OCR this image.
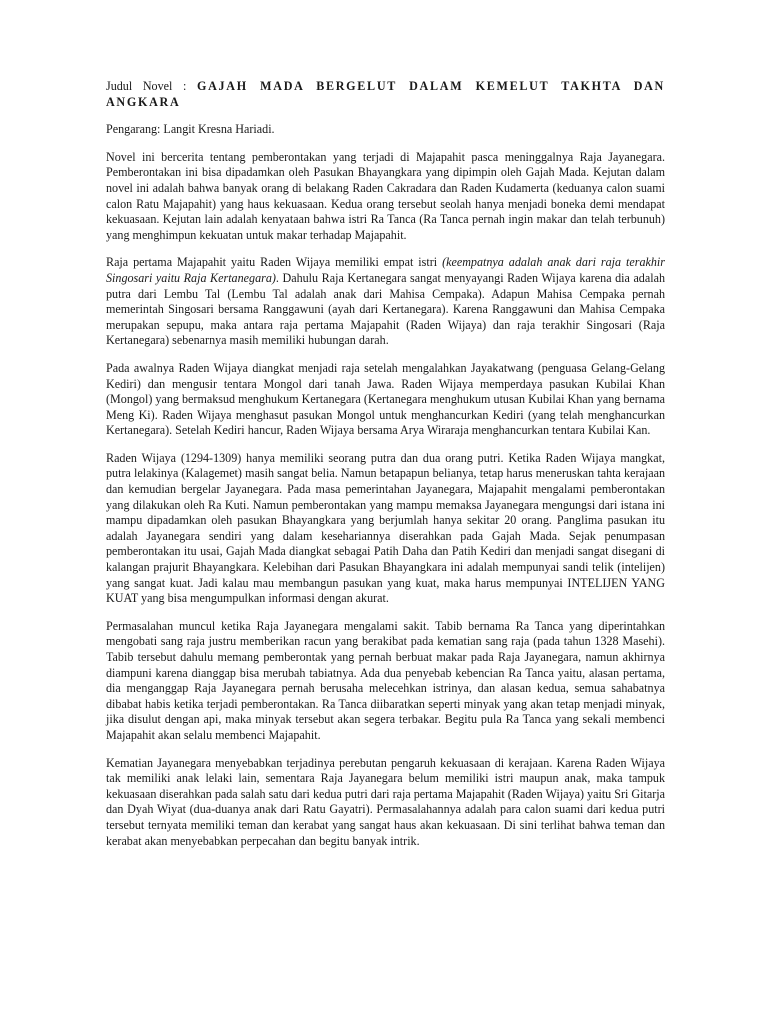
Judul Novel : GAJAH MADA BERGELUT DALAM KEMELUT TAKHTA DAN ANGKARA

Pengarang: Langit Kresna Hariadi.

Novel ini bercerita tentang pemberontakan yang terjadi di Majapahit pasca meninggalnya Raja Jayanegara. Pemberontakan ini bisa dipadamkan oleh Pasukan Bhayangkara yang dipimpin oleh Gajah Mada. Kejutan dalam novel ini adalah bahwa banyak orang di belakang Raden Cakradara dan Raden Kudamerta (keduanya calon suami calon Ratu Majapahit) yang haus kekuasaan. Kedua orang tersebut seolah hanya menjadi boneka demi mendapat kekuasaan. Kejutan lain adalah kenyataan bahwa istri Ra Tanca (Ra Tanca pernah ingin makar dan telah terbunuh) yang menghimpun kekuatan untuk makar terhadap Majapahit.

Raja pertama Majapahit yaitu Raden Wijaya memiliki empat istri (keempatnya adalah anak dari raja terakhir Singosari yaitu Raja Kertanegara). Dahulu Raja Kertanegara sangat menyayangi Raden Wijaya karena dia adalah putra dari Lembu Tal (Lembu Tal adalah anak dari Mahisa Cempaka). Adapun Mahisa Cempaka pernah memerintah Singosari bersama Ranggawuni (ayah dari Kertanegara). Karena Ranggawuni dan Mahisa Cempaka merupakan sepupu, maka antara raja pertama Majapahit (Raden Wijaya) dan raja terakhir Singosari (Raja Kertanegara) sebenarnya masih memiliki hubungan darah.

Pada awalnya Raden Wijaya diangkat menjadi raja setelah mengalahkan Jayakatwang (penguasa Gelang-Gelang Kediri) dan mengusir tentara Mongol dari tanah Jawa. Raden Wijaya memperdaya pasukan Kubilai Khan (Mongol) yang bermaksud menghukum Kertanegara (Kertanegara menghukum utusan Kubilai Khan yang bernama Meng Ki). Raden Wijaya menghasut pasukan Mongol untuk menghancurkan Kediri (yang telah menghancurkan Kertanegara). Setelah Kediri hancur, Raden Wijaya bersama Arya Wiraraja menghancurkan tentara Kubilai Kan.

Raden Wijaya (1294-1309) hanya memiliki seorang putra dan dua orang putri. Ketika Raden Wijaya mangkat, putra lelakinya (Kalagemet) masih sangat belia. Namun betapapun belianya, tetap harus meneruskan tahta kerajaan dan kemudian bergelar Jayanegara. Pada masa pemerintahan Jayanegara, Majapahit mengalami pemberontakan yang dilakukan oleh Ra Kuti. Namun pemberontakan yang mampu memaksa Jayanegara mengungsi dari istana ini mampu dipadamkan oleh pasukan Bhayangkara yang berjumlah hanya sekitar 20 orang. Panglima pasukan itu adalah Jayanegara sendiri yang dalam kesehariannya diserahkan pada Gajah Mada. Sejak penumpasan pemberontakan itu usai, Gajah Mada diangkat sebagai Patih Daha dan Patih Kediri dan menjadi sangat disegani di kalangan prajurit Bhayangkara. Kelebihan dari Pasukan Bhayangkara ini adalah mempunyai sandi telik (intelijen) yang sangat kuat. Jadi kalau mau membangun pasukan yang kuat, maka harus mempunyai INTELIJEN YANG KUAT yang bisa mengumpulkan informasi dengan akurat.

Permasalahan muncul ketika Raja Jayanegara mengalami sakit. Tabib bernama Ra Tanca yang diperintahkan mengobati sang raja justru memberikan racun yang berakibat pada kematian sang raja (pada tahun 1328 Masehi). Tabib tersebut dahulu memang pemberontak yang pernah berbuat makar pada Raja Jayanegara, namun akhirnya diampuni karena dianggap bisa merubah tabiatnya. Ada dua penyebab kebencian Ra Tanca yaitu, alasan pertama, dia menganggap Raja Jayanegara pernah berusaha melecehkan istrinya, dan alasan kedua, semua sahabatnya dibabat habis ketika terjadi pemberontakan. Ra Tanca diibaratkan seperti minyak yang akan tetap menjadi minyak, jika disulut dengan api, maka minyak tersebut akan segera terbakar. Begitu pula Ra Tanca yang sekali membenci Majapahit akan selalu membenci Majapahit.

Kematian Jayanegara menyebabkan terjadinya perebutan pengaruh kekuasaan di kerajaan. Karena Raden Wijaya tak memiliki anak lelaki lain, sementara Raja Jayanegara belum memiliki istri maupun anak, maka tampuk kekuasaan diserahkan pada salah satu dari kedua putri dari raja pertama Majapahit (Raden Wijaya) yaitu Sri Gitarja dan Dyah Wiyat (dua-duanya anak dari Ratu Gayatri). Permasalahannya adalah para calon suami dari kedua putri tersebut ternyata memiliki teman dan kerabat yang sangat haus akan kekuasaan. Di sini terlihat bahwa teman dan kerabat akan menyebabkan perpecahan dan begitu banyak intrik.
